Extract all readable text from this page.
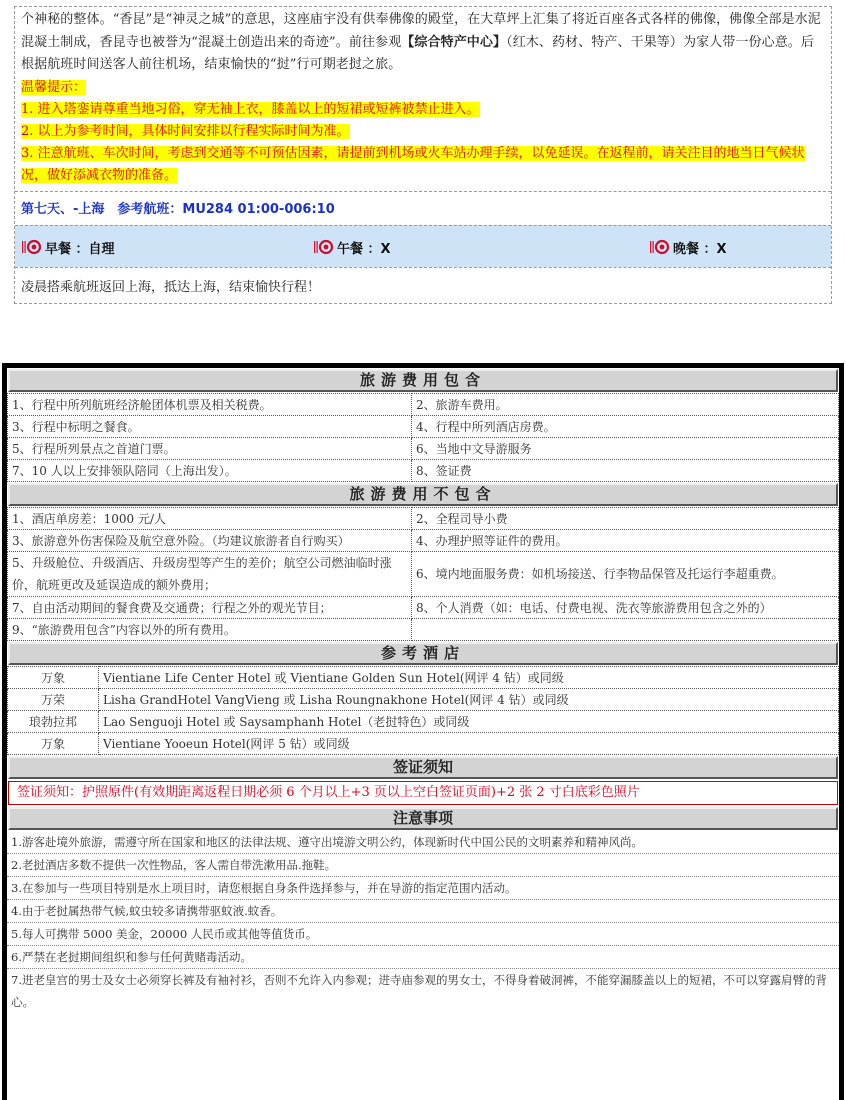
个神秘的整体。“香昆”是“神灵之城”的意思，这座庙宇没有供奉佛像的殿堂，在大草坪上汇集了将近百座各式各样的佛像，佛像全部是水泥混凝土制成，香昆寺也被誉为“混凝土创造出来的奇迹”。前往参观【综合特产中心】（红木、药材、特产、干果等）为家人带一份心意。后根据航班时间送客人前往机场，结束愉快的“挝”行可期老挝之旅。

温馨提示：
1. 进入塔銮请尊重当地习俗，穿无袖上衣，膝盖以上的短裙或短裤被禁止进入。
2. 以上为参考时间，具体时间安排以行程实际时间为准。
3. 注意航班、车次时间，考虑到交通等不可预估因素，请提前到机场或火车站办理手续，以免延误。在返程前，请关注目的地当日气候状况，做好添减衣物的准备。
第七天、-上海　参考航班：MU284 01:00-006:10
早餐 ：自理	午餐 ：X	晚餐 ：X
凌晨搭乘航班返回上海，抵达上海，结束愉快行程！
旅游费用包含
1、行程中所列航班经济舱团体机票及相关税费。	2、旅游车费用。
3、行程中标明之餐食。	4、行程中所列酒店房费。
5、行程所列景点之首道门票。	6、当地中文导游服务
7、10 人以上安排领队陪同（上海出发）。	8、签证费
旅游费用不包含
1、酒店单房差：1000 元/人	2、全程司导小费
3、旅游意外伤害保险及航空意外险。（均建议旅游者自行购买）	4、办理护照等证件的费用。
5、升级舱位、升级酒店、升级房型等产生的差价；航空公司燃油临时涨价，航班更改及延误造成的额外费用；	6、境内地面服务费：如机场接送、行李物品保管及托运行李超重费。
7、自由活动期间的餐食费及交通费；行程之外的观光节目；	8、个人消费（如：电话、付费电视、洗衣等旅游费用包含之外的）
9、“旅游费用包含”内容以外的所有费用。	
参考酒店
万象	Vientiane Life Center Hotel 或 Vientiane Golden Sun Hotel(网评 4 钻）或同级
万荣	Lisha GrandHotel VangVieng 或 Lisha Roungnakhone Hotel(网评 4 钻）或同级
琅勃拉邦	Lao Senguoji Hotel 或 Saysamphanh Hotel（老挝特色）或同级
万象	Vientiane Yooeun Hotel(网评 5 钻）或同级
签证须知
签证须知：护照原件(有效期距离返程日期必须 6 个月以上+3 页以上空白签证页面)+2 张 2 寸白底彩色照片
注意事项
1.游客赴境外旅游，需遵守所在国家和地区的法律法规、遵守出境游文明公约，体现新时代中国公民的文明素养和精神风尚。
2.老挝酒店多数不提供一次性物品，客人需自带洗漱用品.拖鞋。
3.在参加与一些项目特别是水上项目时，请您根据自身条件选择参与，并在导游的指定范围内活动。
4.由于老挝属热带气候,蚊虫较多请携带驱蚊液.蚊香。
5.每人可携带 5000 美金，20000 人民币或其他等值货币。
6.严禁在老挝期间组织和参与任何黄赌毒活动。
7.进老皇宫的男士及女士必须穿长裤及有袖衬衫，否则不允许入内参观；进寺庙参观的男女士，不得身着破洞裤，不能穿漏膝盖以上的短裙，不可以穿露肩臂的背心。
